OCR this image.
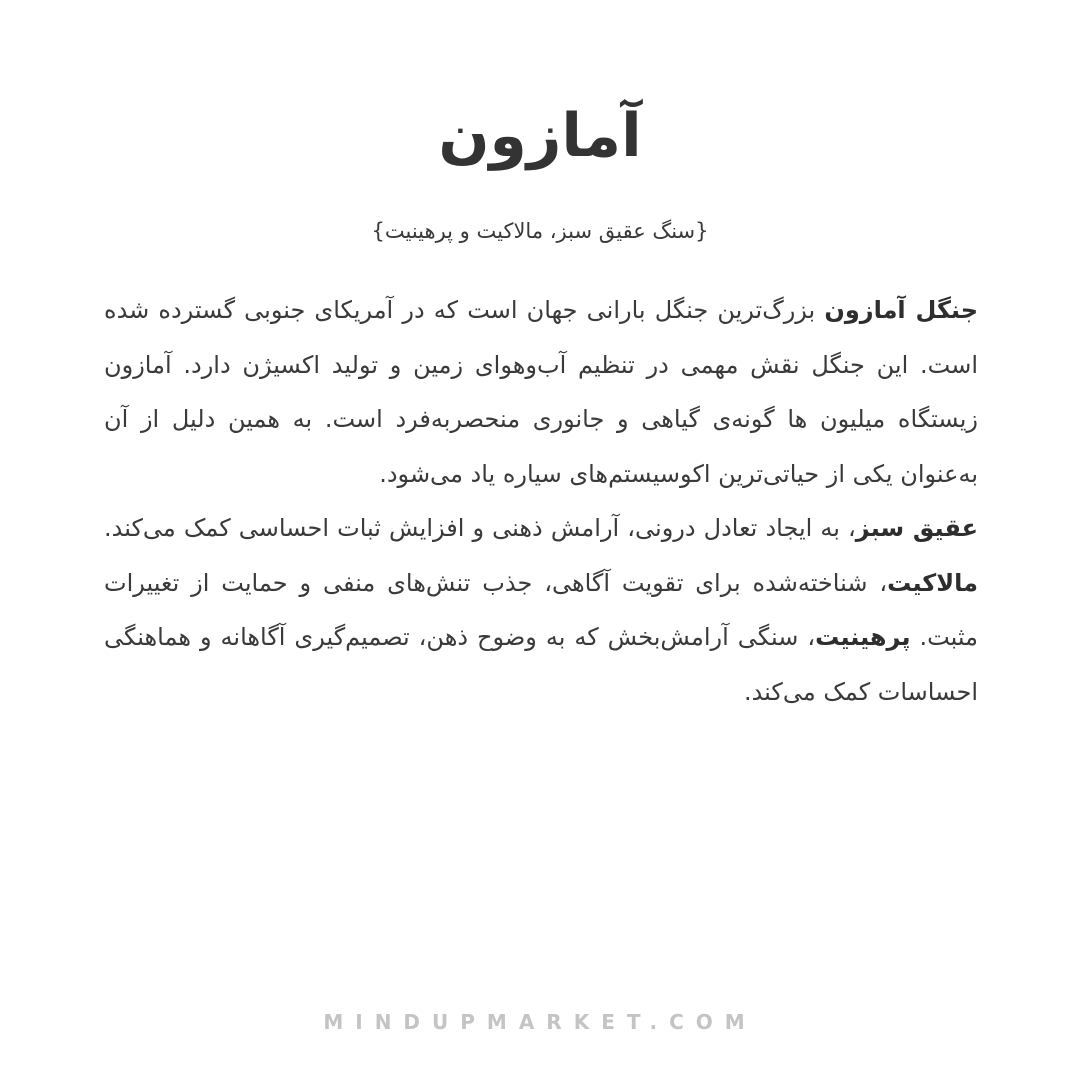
آمازون
{سنگ عقیق سبز، مالاکیت و پرهینیت}

جنگل آمازون بزرگ‌ترین جنگل بارانی جهان است که در آمریکای جنوبی گسترده شده است. این جنگل نقش مهمی در تنظیم آب‌وهوای زمین و تولید اکسیژن دارد. آمازون زیستگاه میلیون ها گونه‌ی گیاهی و جانوری منحصربه‌فرد است. به همین دلیل از آن به‌عنوان یکی از حیاتی‌ترین اکوسیستم‌های سیاره یاد می‌شود.

عقیق سبز، به ایجاد تعادل درونی، آرامش ذهنی و افزایش ثبات احساسی کمک می‌کند. مالاکیت، شناخته‌شده برای تقویت آگاهی، جذب تنش‌های منفی و حمایت از تغییرات مثبت. پرهینیت، سنگی آرامش‌بخش که به وضوح ذهن، تصمیم‌گیری آگاهانه و هماهنگی احساسات کمک می‌کند.

MINDUPMARKET.COM
